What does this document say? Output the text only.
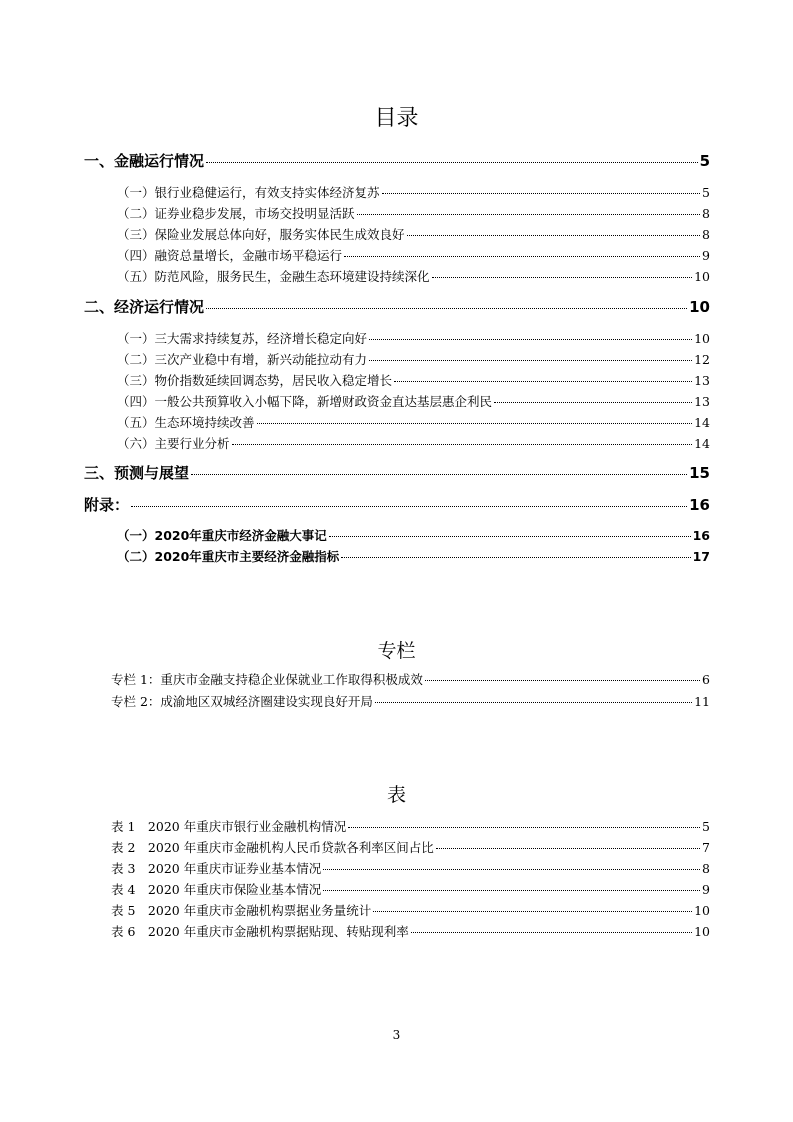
目录
一、金融运行情况	5
（一）银行业稳健运行，有效支持实体经济复苏	5
（二）证券业稳步发展，市场交投明显活跃	8
（三）保险业发展总体向好，服务实体民生成效良好	8
（四）融资总量增长，金融市场平稳运行	9
（五）防范风险，服务民生，金融生态环境建设持续深化	10
二、经济运行情况	10
（一）三大需求持续复苏，经济增长稳定向好	10
（二）三次产业稳中有增，新兴动能拉动有力	12
（三）物价指数延续回调态势，居民收入稳定增长	13
（四）一般公共预算收入小幅下降，新增财政资金直达基层惠企利民	13
（五）生态环境持续改善	14
（六）主要行业分析	14
三、预测与展望	15
附录：	16
（一）2020年重庆市经济金融大事记	16
（二）2020年重庆市主要经济金融指标	17
专栏
专栏 1：重庆市金融支持稳企业保就业工作取得积极成效	6
专栏 2：成渝地区双城经济圈建设实现良好开局	11
表
表 1　2020 年重庆市银行业金融机构情况	5
表 2　2020 年重庆市金融机构人民币贷款各利率区间占比	7
表 3　2020 年重庆市证券业基本情况	8
表 4　2020 年重庆市保险业基本情况	9
表 5　2020 年重庆市金融机构票据业务量统计	10
表 6　2020 年重庆市金融机构票据贴现、转贴现利率	10
3
